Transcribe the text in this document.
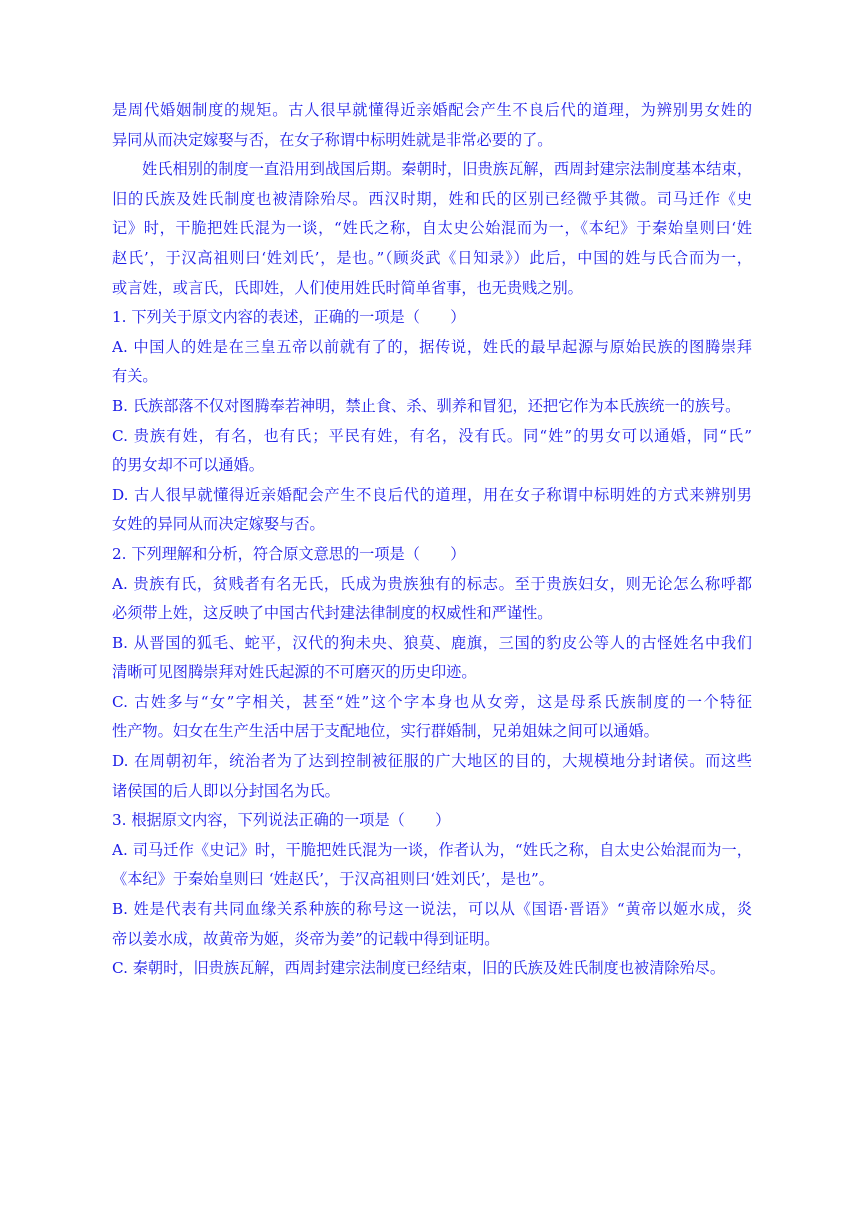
是周代婚姻制度的规矩。古人很早就懂得近亲婚配会产生不良后代的道理，为辨别男女姓的
异同从而决定嫁娶与否，在女子称谓中标明姓就是非常必要的了。
姓氏相别的制度一直沿用到战国后期。秦朝时，旧贵族瓦解，西周封建宗法制度基本结束，
旧的氏族及姓氏制度也被清除殆尽。西汉时期，姓和氏的区别已经微乎其微。司马迁作《史
记》时，干脆把姓氏混为一谈，“姓氏之称，自太史公始混而为一，《本纪》于秦始皇则曰‘姓
赵氏’，于汉高祖则曰‘姓刘氏’，是也。”（顾炎武《日知录》）此后，中国的姓与氏合而为一，
或言姓，或言氏，氏即姓，人们使用姓氏时简单省事，也无贵贱之别。
1. 下列关于原文内容的表述，正确的一项是（　　）
A. 中国人的姓是在三皇五帝以前就有了的，据传说，姓氏的最早起源与原始民族的图腾崇拜
有关。
B. 氏族部落不仅对图腾奉若神明，禁止食、杀、驯养和冒犯，还把它作为本氏族统一的族号。
C. 贵族有姓，有名，也有氏；平民有姓，有名，没有氏。同“姓”的男女可以通婚，同“氏”
的男女却不可以通婚。
D. 古人很早就懂得近亲婚配会产生不良后代的道理，用在女子称谓中标明姓的方式来辨别男
女姓的异同从而决定嫁娶与否。
2. 下列理解和分析，符合原文意思的一项是（　　）
A. 贵族有氏，贫贱者有名无氏，氏成为贵族独有的标志。至于贵族妇女，则无论怎么称呼都
必须带上姓，这反映了中国古代封建法律制度的权威性和严谨性。
B. 从晋国的狐毛、蛇平，汉代的狗未央、狼莫、鹿旗，三国的豹皮公等人的古怪姓名中我们
清晰可见图腾崇拜对姓氏起源的不可磨灭的历史印迹。
C. 古姓多与“女”字相关，甚至“姓”这个字本身也从女旁，这是母系氏族制度的一个特征
性产物。妇女在生产生活中居于支配地位，实行群婚制，兄弟姐妹之间可以通婚。
D. 在周朝初年，统治者为了达到控制被征服的广大地区的目的，大规模地分封诸侯。而这些
诸侯国的后人即以分封国名为氏。
3. 根据原文内容，下列说法正确的一项是（　　）
A. 司马迁作《史记》时，干脆把姓氏混为一谈，作者认为，“姓氏之称，自太史公始混而为一，
《本纪》于秦始皇则曰 ‘姓赵氏’，于汉高祖则曰‘姓刘氏’，是也”。
B. 姓是代表有共同血缘关系种族的称号这一说法，可以从《国语·晋语》“黄帝以姬水成，炎
帝以姜水成，故黄帝为姬，炎帝为姜”的记载中得到证明。
C. 秦朝时，旧贵族瓦解，西周封建宗法制度已经结束，旧的氏族及姓氏制度也被清除殆尽。
